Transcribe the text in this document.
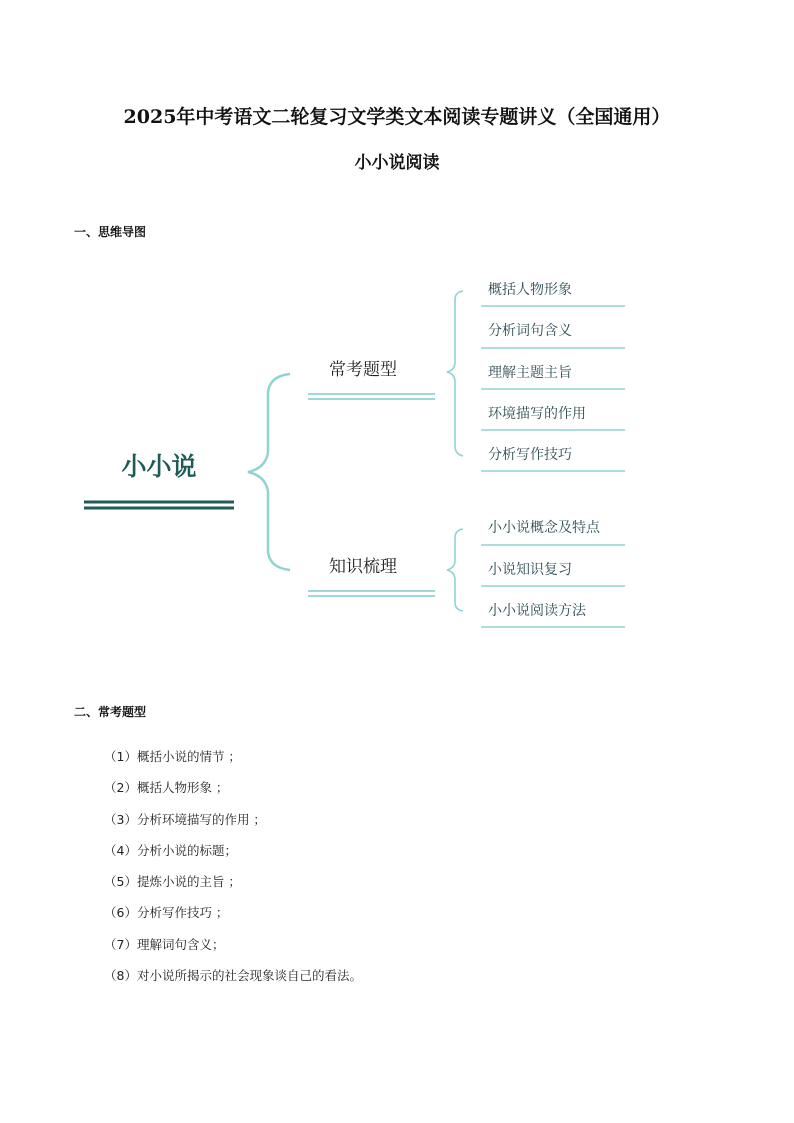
2025年中考语文二轮复习文学类文本阅读专题讲义（全国通用）
小小说阅读
一、思维导图
小小说
常考题型
知识梳理
概括人物形象
分析词句含义
理解主题主旨
环境描写的作用
分析写作技巧
小小说概念及特点
小说知识复习
小小说阅读方法
二、常考题型
（1）概括小说的情节 ；
（2）概括人物形象 ；
（3）分析环境描写的作用 ；
（4）分析小说的标题；
（5）提炼小说的主旨 ；
（6）分析写作技巧 ；
（7）理解词句含义；
（8）对小说所揭示的社会现象谈自己的看法。
